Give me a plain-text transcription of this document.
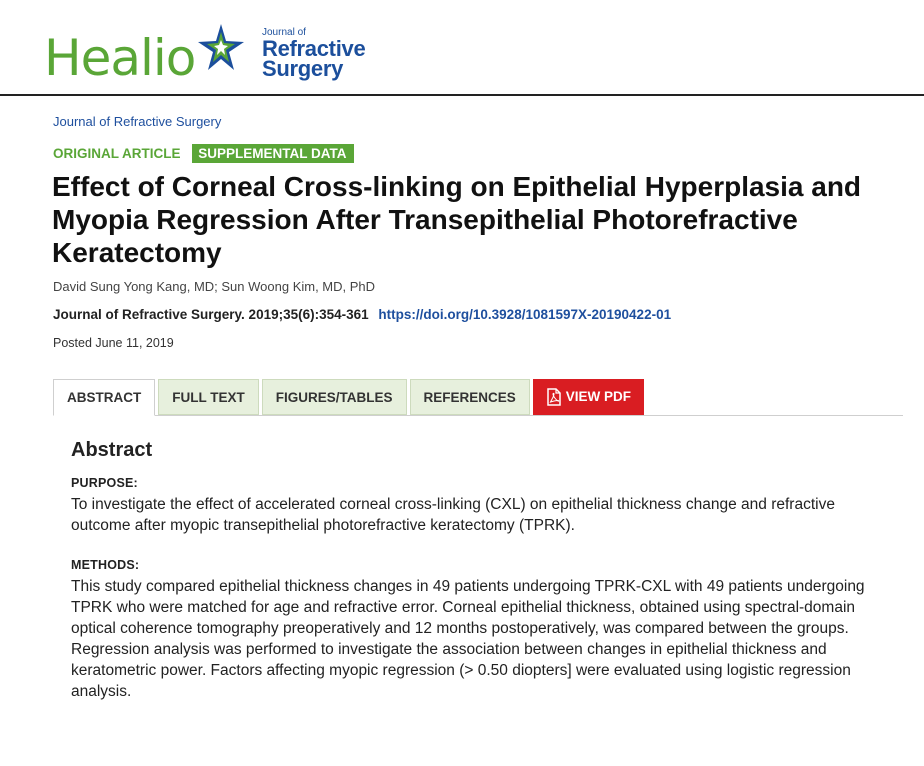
Healio	Journal of
Refractive
Surgery
Journal of Refractive Surgery
ORIGINAL ARTICLE SUPPLEMENTAL DATA
Effect of Corneal Cross-linking on Epithelial Hyperplasia and Myopia Regression After Transepithelial Photorefractive Keratectomy
David Sung Yong Kang, MD; Sun Woong Kim, MD, PhD
Journal of Refractive Surgery. 2019;35(6):354-361 https://doi.org/10.3928/1081597X-20190422-01
Posted June 11, 2019
ABSTRACT	FULL TEXT	FIGURES/TABLES	REFERENCES	VIEW PDF
Abstract
PURPOSE:

To investigate the effect of accelerated corneal cross-linking (CXL) on epithelial thickness change and refractive outcome after myopic transepithelial photorefractive keratectomy (TPRK).

METHODS:

This study compared epithelial thickness changes in 49 patients undergoing TPRK-CXL with 49 patients undergoing TPRK who were matched for age and refractive error. Corneal epithelial thickness, obtained using spectral-domain optical coherence tomography preoperatively and 12 months postoperatively, was compared between the groups. Regression analysis was performed to investigate the association between changes in epithelial thickness and keratometric power. Factors affecting myopic regression (> 0.50 diopters] were evaluated using logistic regression analysis.
